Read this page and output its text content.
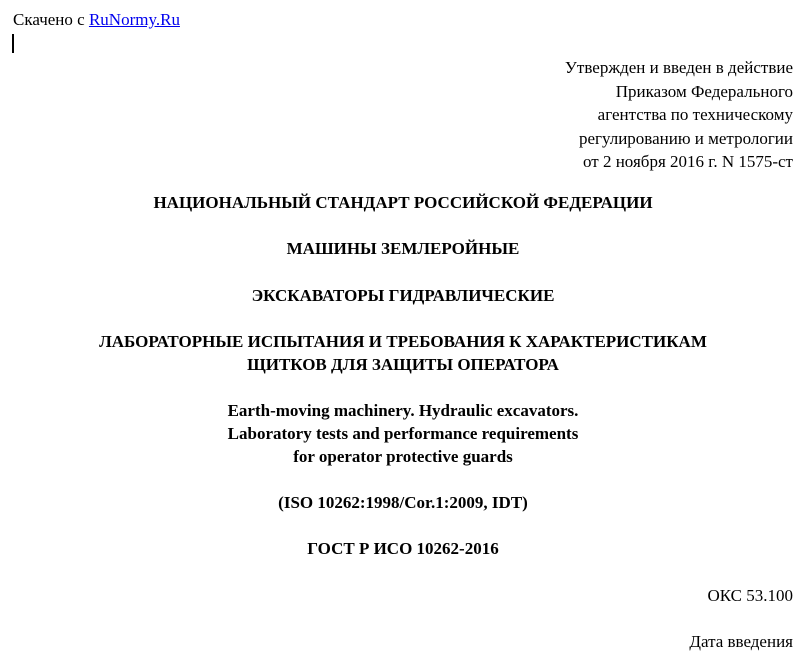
Скачено с RuNormy.Ru
Утвержден и введен в действие
Приказом Федерального
агентства по техническому
регулированию и метрологии
от 2 ноября 2016 г. N 1575-ст
НАЦИОНАЛЬНЫЙ СТАНДАРТ РОССИЙСКОЙ ФЕДЕРАЦИИ
МАШИНЫ ЗЕМЛЕРОЙНЫЕ
ЭКСКАВАТОРЫ ГИДРАВЛИЧЕСКИЕ
ЛАБОРАТОРНЫЕ ИСПЫТАНИЯ И ТРЕБОВАНИЯ К ХАРАКТЕРИСТИКАМ
ЩИТКОВ ДЛЯ ЗАЩИТЫ ОПЕРАТОРА
Earth-moving machinery. Hydraulic excavators.
Laboratory tests and performance requirements
for operator protective guards
(ISO 10262:1998/Cor.1:2009, IDT)
ГОСТ Р ИСО 10262-2016
ОКС 53.100
Дата введения
